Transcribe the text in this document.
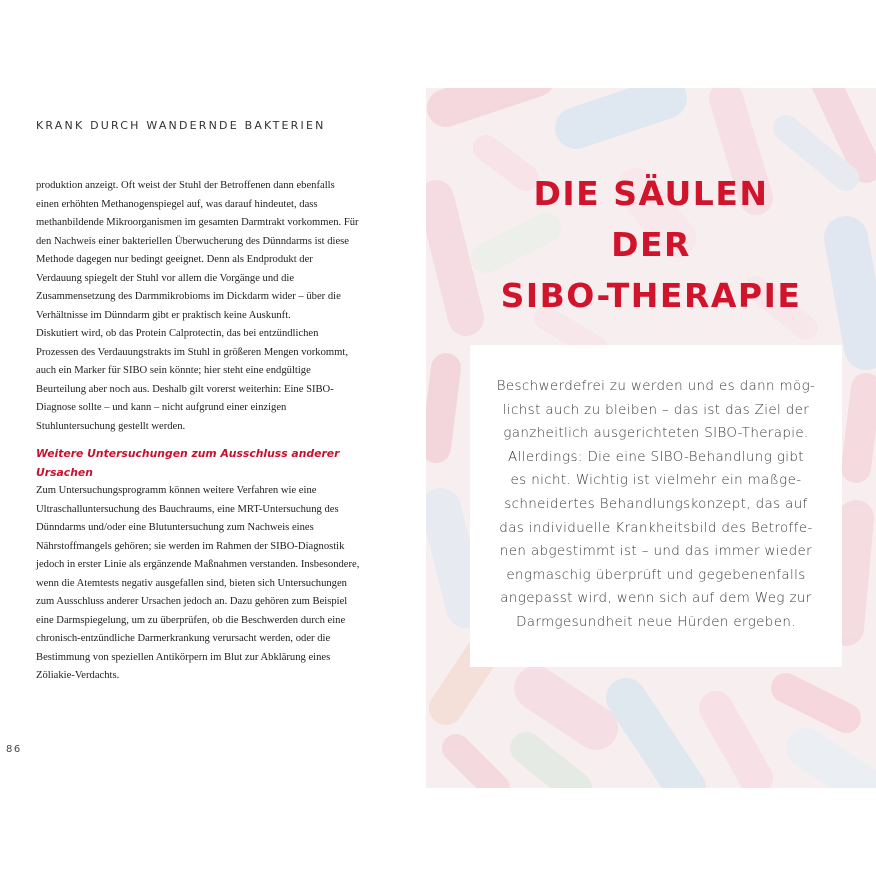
KRANK DURCH WANDERNDE BAKTERIEN

produktion anzeigt. Oft weist der Stuhl der Betroffenen dann ebenfalls einen erhöhten Methanogenspiegel auf, was darauf hindeutet, dass methanbildende Mikroorganismen im gesamten Darmtrakt vorkommen. Für den Nachweis einer bakteriellen Überwucherung des Dünndarms ist diese Methode dagegen nur bedingt geeignet. Denn als Endprodukt der Verdauung spiegelt der Stuhl vor allem die Vorgänge und die Zusammensetzung des Darmmikrobioms im Dickdarm wider – über die Verhältnisse im Dünndarm gibt er praktisch keine Auskunft.

Diskutiert wird, ob das Protein Calprotectin, das bei entzündlichen Prozessen des Verdauungstrakts im Stuhl in größeren Mengen vorkommt, auch ein Marker für SIBO sein könnte; hier steht eine endgültige Beurteilung aber noch aus. Deshalb gilt vorerst weiterhin: Eine SIBO-Diagnose sollte – und kann – nicht aufgrund einer einzigen Stuhluntersuchung gestellt werden.

Weitere Untersuchungen zum Ausschluss anderer Ursachen

Zum Untersuchungsprogramm können weitere Verfahren wie eine Ultraschalluntersuchung des Bauchraums, eine MRT-Untersuchung des Dünndarms und/oder eine Blutuntersuchung zum Nachweis eines Nährstoffmangels gehören; sie werden im Rahmen der SIBO-Diagnostik jedoch in erster Linie als ergänzende Maßnahmen verstanden. Insbesondere, wenn die Atemtests negativ ausgefallen sind, bieten sich Untersuchungen zum Ausschluss anderer Ursachen jedoch an. Dazu gehören zum Beispiel eine Darmspiegelung, um zu überprüfen, ob die Beschwerden durch eine chronisch-entzündliche Darmerkrankung verursacht werden, oder die Bestimmung von speziellen Antikörpern im Blut zur Abklärung eines Zöliakie-Verdachts.

86
DIE SÄULEN
DER
SIBO-THERAPIE
Beschwerdefrei zu werden und es dann mög-
lichst auch zu bleiben – das ist das Ziel der
ganzheitlich ausgerichteten SIBO-Therapie.
Allerdings: Die eine SIBO-Behandlung gibt
es nicht. Wichtig ist vielmehr ein maßge-
schneidertes Behandlungskonzept, das auf
das individuelle Krankheitsbild des Betroffe-
nen abgestimmt ist – und das immer wieder
engmaschig überprüft und gegebenenfalls
angepasst wird, wenn sich auf dem Weg zur
Darmgesundheit neue Hürden ergeben.
